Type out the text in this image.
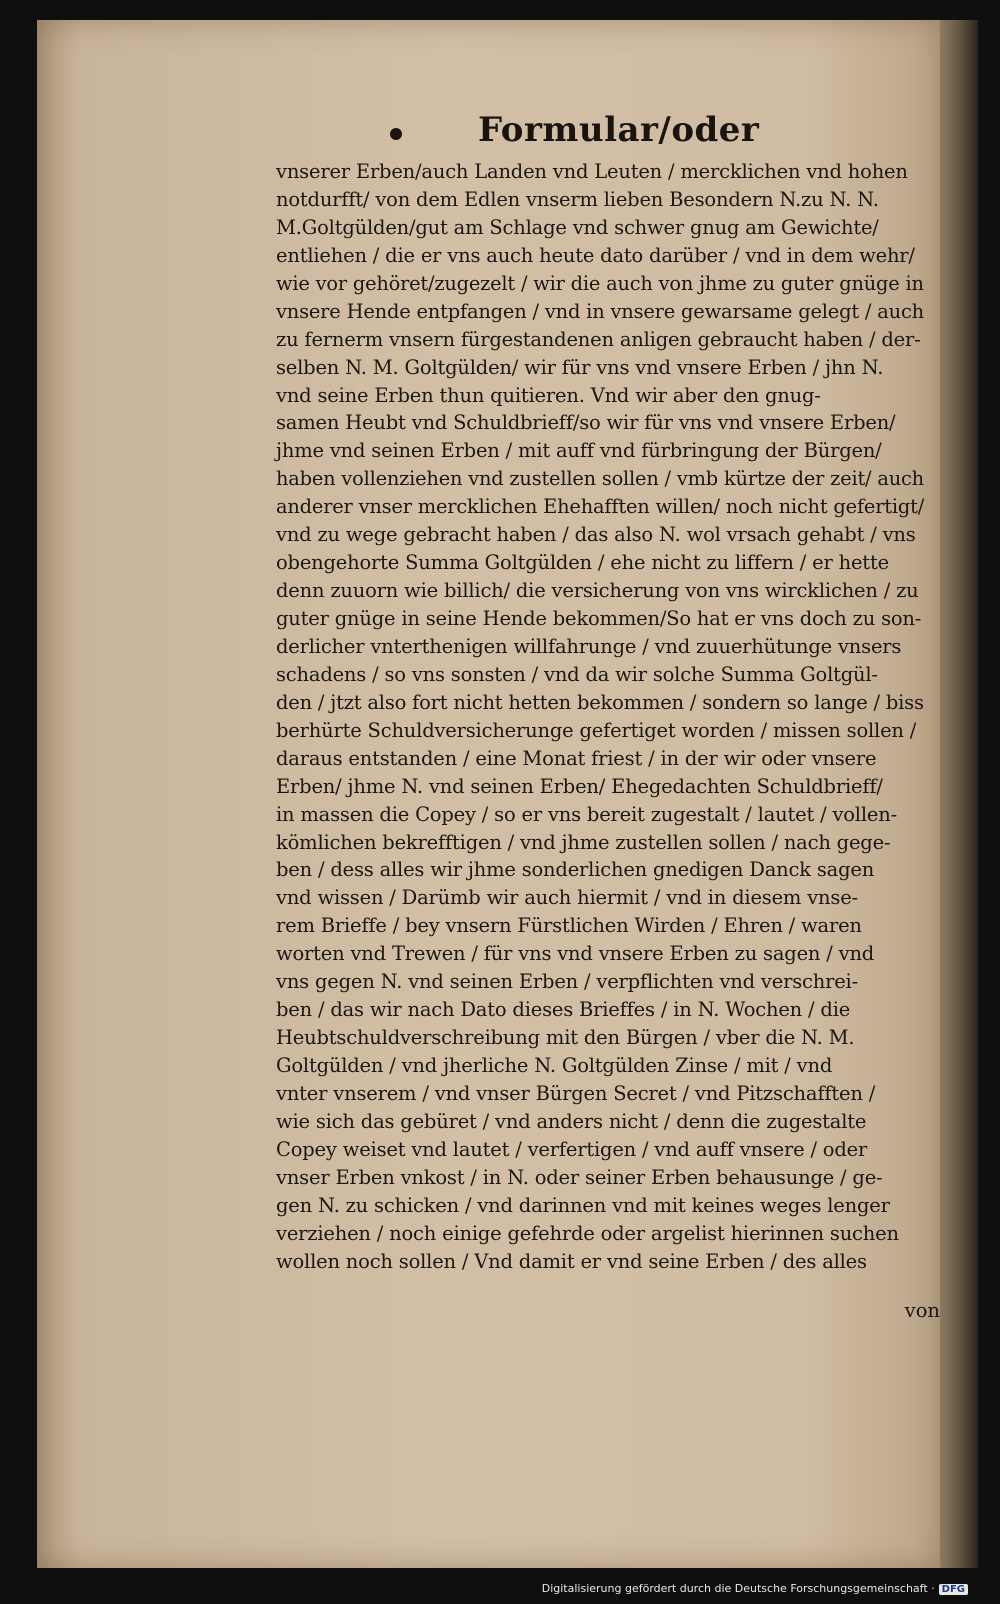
Formular/oder
vnserer Erben/auch Landen vnd Leuten / mercklichen vnd hohen
notdurfft/ von dem Edlen vnserm lieben Besondern N.zu N. N.
M.Goltgülden/gut am Schlage vnd schwer gnug am Gewichte/
entliehen / die er vns auch heute dato darüber / vnd in dem wehr/
wie vor gehöret/zugezelt / wir die auch von jhme zu guter gnüge in
vnsere Hende entpfangen / vnd in vnsere gewarsame gelegt / auch
zu fernerm vnsern fürgestandenen anligen gebraucht haben / der-
selben N. M. Goltgülden/ wir für vns vnd vnsere Erben / jhn N.
vnd seine Erben thun quitieren. Vnd wir aber den gnug-
samen Heubt vnd Schuldbrieff/so wir für vns vnd vnsere Erben/
jhme vnd seinen Erben / mit auff vnd fürbringung der Bürgen/
haben vollenziehen vnd zustellen sollen / vmb kürtze der zeit/ auch
anderer vnser mercklichen Ehehafften willen/ noch nicht gefertigt/
vnd zu wege gebracht haben / das also N. wol vrsach gehabt / vns
obengehorte Summa Goltgülden / ehe nicht zu liffern / er hette
denn zuuorn wie billich/ die versicherung von vns wircklichen / zu
guter gnüge in seine Hende bekommen/So hat er vns doch zu son-
derlicher vnterthenigen willfahrunge / vnd zuuerhütunge vnsers
schadens / so vns sonsten / vnd da wir solche Summa Goltgül-
den / jtzt also fort nicht hetten bekommen / sondern so lange / biss
berhürte Schuldversicherunge gefertiget worden / missen sollen /
daraus entstanden / eine Monat friest / in der wir oder vnsere
Erben/ jhme N. vnd seinen Erben/ Ehegedachten Schuldbrieff/
in massen die Copey / so er vns bereit zugestalt / lautet / vollen-
kömlichen bekrefftigen / vnd jhme zustellen sollen / nach gege-
ben / dess alles wir jhme sonderlichen gnedigen Danck sagen
vnd wissen / Darümb wir auch hiermit / vnd in diesem vnse-
rem Brieffe / bey vnsern Fürstlichen Wirden / Ehren / waren
worten vnd Trewen / für vns vnd vnsere Erben zu sagen / vnd
vns gegen N. vnd seinen Erben / verpflichten vnd verschrei-
ben / das wir nach Dato dieses Brieffes / in N. Wochen / die
Heubtschuldverschreibung mit den Bürgen / vber die N. M.
Goltgülden / vnd jherliche N. Goltgülden Zinse / mit / vnd
vnter vnserem / vnd vnser Bürgen Secret / vnd Pitzschafften /
wie sich das gebüret / vnd anders nicht / denn die zugestalte
Copey weiset vnd lautet / verfertigen / vnd auff vnsere / oder
vnser Erben vnkost / in N. oder seiner Erben behausunge / ge-
gen N. zu schicken / vnd darinnen vnd mit keines weges lenger
verziehen / noch einige gefehrde oder argelist hierinnen suchen
wollen noch sollen / Vnd damit er vnd seine Erben / des alles
von
Digitalisierung gefördert durch die Deutsche Forschungsgemeinschaft · DFG
